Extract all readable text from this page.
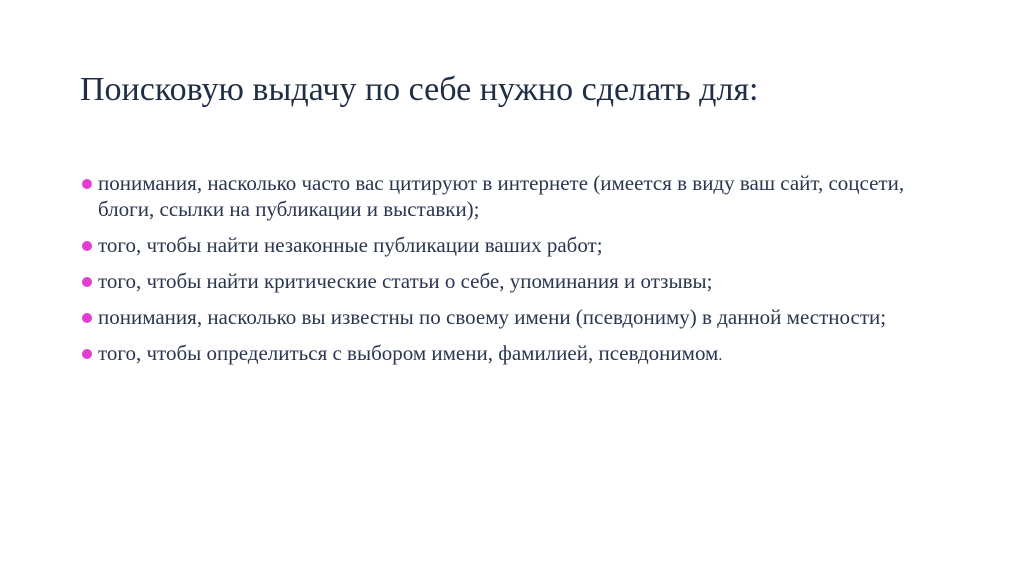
Поисковую выдачу по себе нужно сделать для:
понимания, насколько часто вас цитируют в интернете (имеется в виду ваш сайт, соцсети, блоги, ссылки на публикации и выставки);
того, чтобы найти незаконные публикации ваших работ;
того, чтобы найти критические статьи о себе, упоминания и отзывы;
понимания, насколько вы известны по своему имени (псевдониму) в данной местности;
того, чтобы определиться с выбором имени, фамилией, псевдонимом.
